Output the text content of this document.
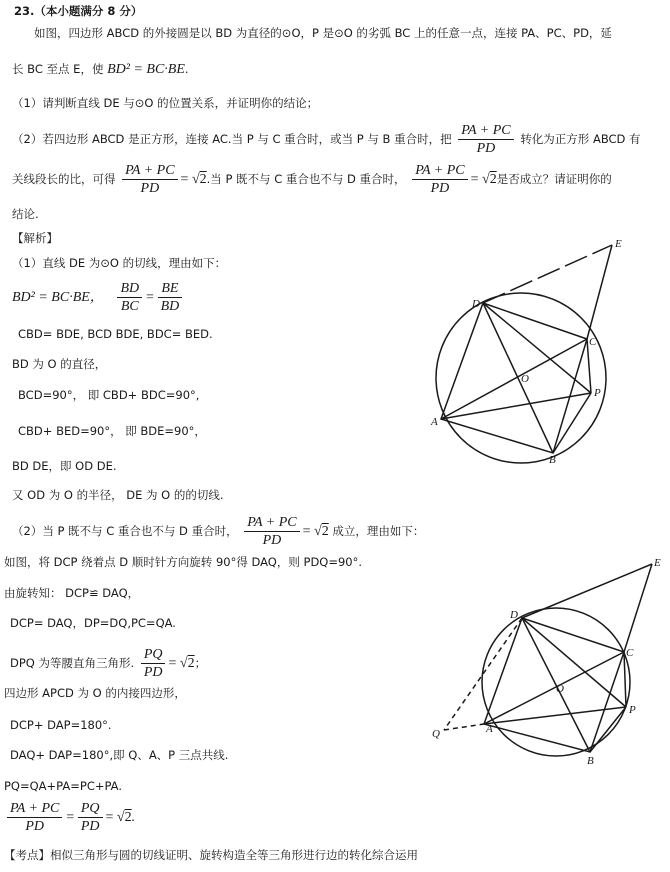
23.（本小题满分 8 分）
如图，四边形 ABCD 的外接圆是以 BD 为直径的⊙O，P 是⊙O 的劣弧 BC 上的任意一点，连接 PA、PC、PD，延
长 BC 至点 E，使 BD² = BC·BE.
（1）请判断直线 DE 与⊙O 的位置关系，并证明你的结论；
（2）若四边形 ABCD 是正方形，连接 AC.当 P 与 C 重合时，或当 P 与 B 重合时，把 $\frac{PA + PC}{PD}$ 转化为正方形 ABCD 有
关线段长的比，可得 $\frac{PA + PC}{PD} = √2$.当 P 既不与 C 重合也不与 D 重合时， $\frac{PA + PC}{PD} = √2$是否成立？请证明你的
结论.
【解析】
（1）直线 DE 为⊙O 的切线，理由如下：
BD² = BC·BE， $\frac{BD}{BC} = \frac{BE}{BD}$
CBD= BDE, BCD BDE, BDC= BED.
BD 为 O 的直径，
BCD=90°， 即 CBD+ BDC=90°,
CBD+ BED=90°， 即 BDE=90°，
BD DE，即 OD DE.
又 OD 为 O 的半径， DE 为 O 的的切线.
（2）当 P 既不与 C 重合也不与 D 重合时， $\frac{PA + PC}{PD} = √2$ 成立，理由如下：
如图，将 DCP 绕着点 D 顺时针方向旋转 90°得 DAQ，则 PDQ=90°.
由旋转知： DCP≌ DAQ，
DCP= DAQ，DP=DQ,PC=QA.
DPQ 为等腰直角三角形. $\frac{PQ}{PD} = √2$；
四边形 APCD 为 O 的内接四边形，
DCP+ DAP=180°.
DAQ+ DAP=180°,即 Q、A、P 三点共线.
PQ=QA+PA=PC+PA.
$\frac{PA + PC}{PD} = \frac{PQ}{PD} = √2$.
【考点】相似三角形与圆的切线证明、旋转构造全等三角形进行边的转化综合运用
E
D
C
O
P
A
B
E
D
C
O
P
Q	A
B
